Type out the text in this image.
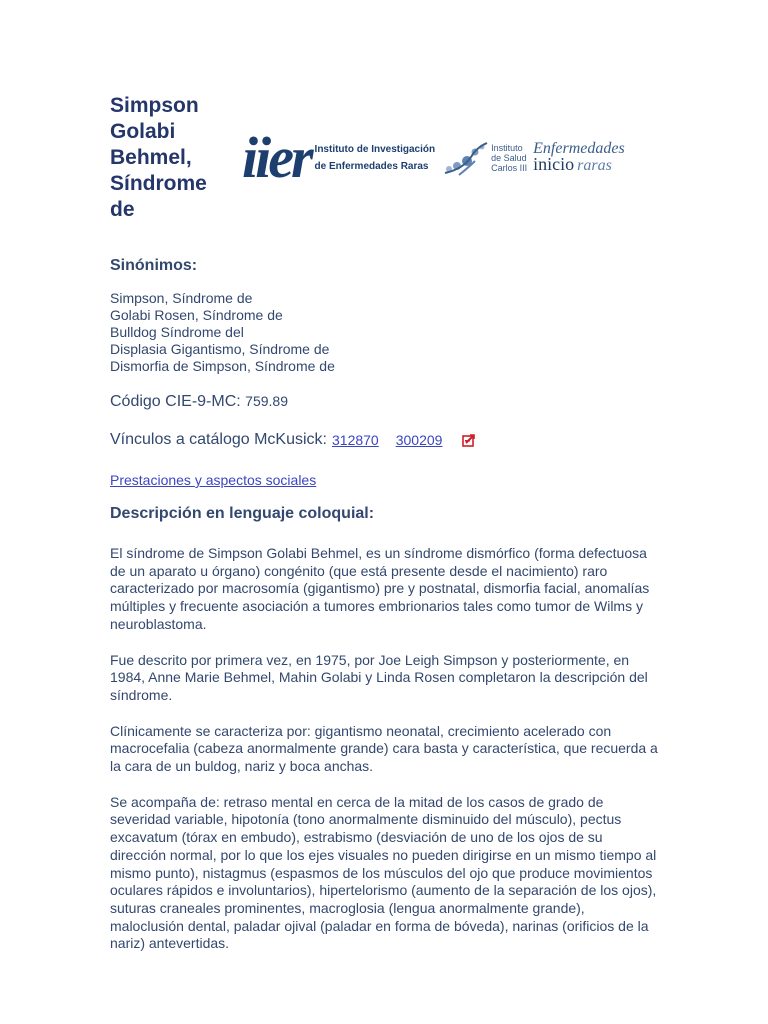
Simpson Golabi Behmel, Síndrome de
iier Instituto de Investigación
de Enfermedades Raras
Instituto
de Salud
Carlos III
Enfermedades
inicio raras
Sinónimos:
Simpson, Síndrome de
Golabi Rosen, Síndrome de
Bulldog Síndrome del
Displasia Gigantismo, Síndrome de
Dismorfia de Simpson, Síndrome de
Código CIE-9-MC: 759.89
Vínculos a catálogo McKusick: 312870 300209
Prestaciones y aspectos sociales
Descripción en lenguaje coloquial:

El síndrome de Simpson Golabi Behmel, es un síndrome dismórfico (forma defectuosa de un aparato u órgano) congénito (que está presente desde el nacimiento) raro caracterizado por macrosomía (gigantismo) pre y postnatal, dismorfia facial, anomalías múltiples y frecuente asociación a tumores embrionarios tales como tumor de Wilms y neuroblastoma.

Fue descrito por primera vez, en 1975, por Joe Leigh Simpson y posteriormente, en 1984, Anne Marie Behmel, Mahin Golabi y Linda Rosen completaron la descripción del síndrome.

Clínicamente se caracteriza por: gigantismo neonatal, crecimiento acelerado con macrocefalia (cabeza anormalmente grande) cara basta y característica, que recuerda a la cara de un buldog, nariz y boca anchas.

Se acompaña de: retraso mental en cerca de la mitad de los casos de grado de severidad variable, hipotonía (tono anormalmente disminuido del músculo), pectus excavatum (tórax en embudo), estrabismo (desviación de uno de los ojos de su dirección normal, por lo que los ejes visuales no pueden dirigirse en un mismo tiempo al mismo punto), nistagmus (espasmos de los músculos del ojo que produce movimientos oculares rápidos e involuntarios), hipertelorismo (aumento de la separación de los ojos), suturas craneales prominentes, macroglosia (lengua anormalmente grande), maloclusión dental, paladar ojival (paladar en forma de bóveda), narinas (orificios de la nariz) antevertidas.
